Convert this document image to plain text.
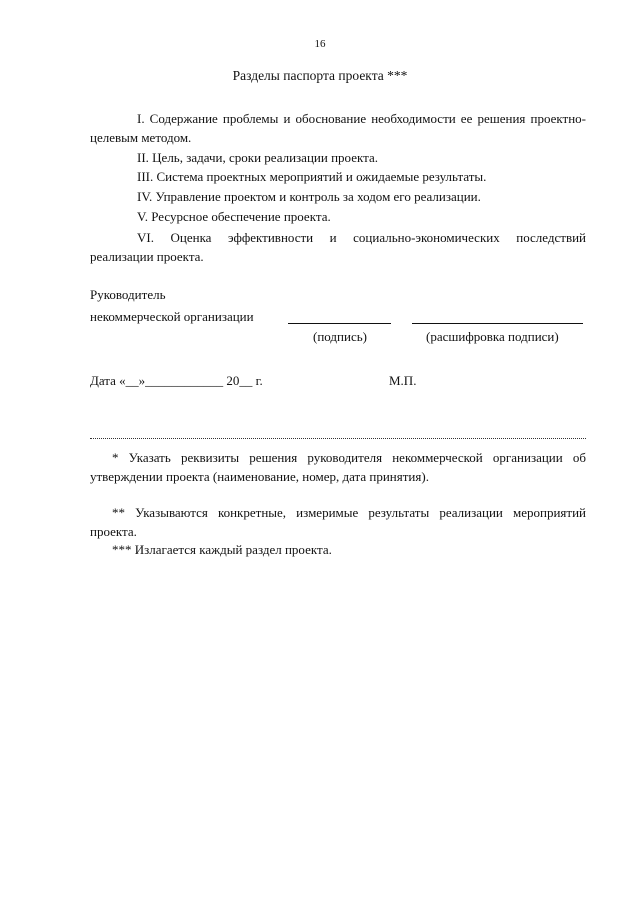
16
Разделы паспорта проекта ***
I. Содержание проблемы и обоснование необходимости ее решения проектно-целевым методом.
II. Цель, задачи, сроки реализации проекта.
III. Система проектных мероприятий и ожидаемые результаты.
IV. Управление проектом и контроль за ходом его реализации.
V. Ресурсное обеспечение проекта.
VI. Оценка эффективности и социально-экономических последствий реализации проекта.
Руководитель
некоммерческой организации
(подпись)	(расшифровка подписи)
Дата «__»____________ 20__ г.	М.П.
* Указать реквизиты решения руководителя некоммерческой организации об утверждении проекта (наименование, номер, дата принятия).
** Указываются конкретные, измеримые результаты реализации мероприятий проекта.
*** Излагается каждый раздел проекта.
